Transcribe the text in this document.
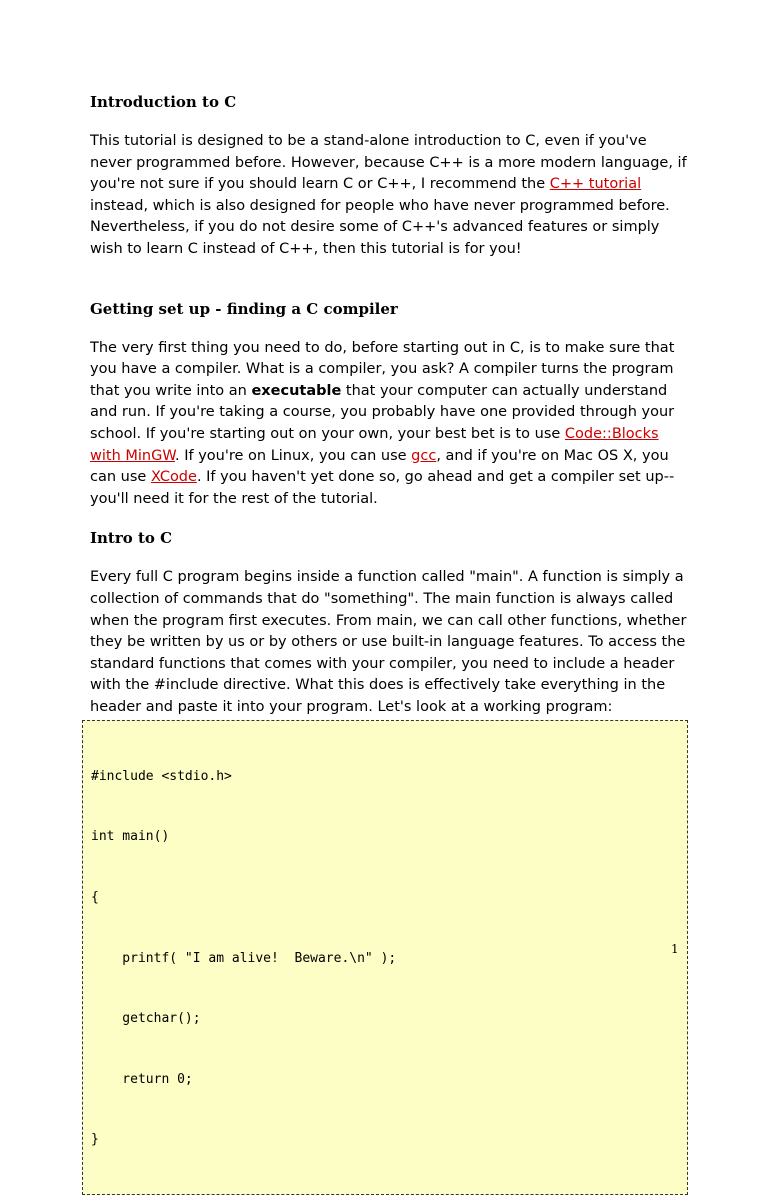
Introduction to C

This tutorial is designed to be a stand-alone introduction to C, even if you've never programmed before. However, because C++ is a more modern language, if you're not sure if you should learn C or C++, I recommend the C++ tutorial instead, which is also designed for people who have never programmed before. Nevertheless, if you do not desire some of C++'s advanced features or simply wish to learn C instead of C++, then this tutorial is for you!

Getting set up - finding a C compiler

The very first thing you need to do, before starting out in C, is to make sure that you have a compiler. What is a compiler, you ask? A compiler turns the program that you write into an executable that your computer can actually understand and run. If you're taking a course, you probably have one provided through your school. If you're starting out on your own, your best bet is to use Code::Blocks with MinGW. If you're on Linux, you can use gcc, and if you're on Mac OS X, you can use XCode. If you haven't yet done so, go ahead and get a compiler set up--you'll need it for the rest of the tutorial.

Intro to C

Every full C program begins inside a function called "main". A function is simply a collection of commands that do "something". The main function is always called when the program first executes. From main, we can call other functions, whether they be written by us or by others or use built-in language features. To access the standard functions that comes with your compiler, you need to include a header with the #include directive. What this does is effectively take everything in the header and paste it into your program. Let's look at a working program:

#include <stdio.h>

int main()

{

printf( "I am alive!  Beware.\n" );

getchar();

return 0;

}

1
